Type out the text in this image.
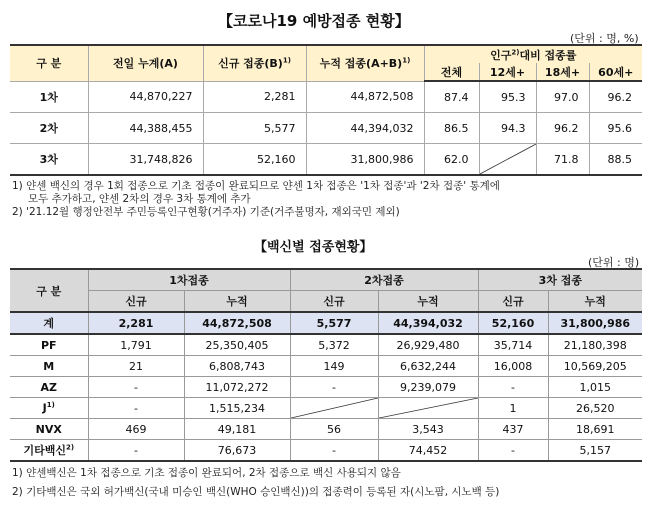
【코로나19 예방접종 현황】
(단위 : 명, %)
구 분	전일 누계(A)	신규 접종$(B)^{1)}$	누적 접종$(A+B)^{1)}$	인구$^{2)}$대비 접종률			
				전체	12세+	18세+	60세+
1차	44,870,227	2,281	44,872,508	87.4	95.3	97.0	96.2
2차	44,388,455	5,577	44,394,032	86.5	94.3	96.2	95.6
3차	31,748,826	52,160	31,800,986	62.0		71.8	88.5
1) 얀센 백신의 경우 1회 접종으로 기초 접종이 완료되므로 얀센 1차 접종은 '1차 접종'과 '2차 접종' 통계에
모두 추가하고, 얀센 2차의 경우 3차 통계에 추가
2) '21.12월 행정안전부 주민등록인구현황(거주자) 기준(거주불명자, 재외국민 제외)
【백신별 접종현황】
(단위 : 명)
구 분	1차접종		2차접종		3차 접종	
	신규	누적	신규	누적	신규	누적
계	2,281	44,872,508	5,577	44,394,032	52,160	31,800,986
PF	1,791	25,350,405	5,372	26,929,480	35,714	21,180,398
M	21	6,808,743	149	6,632,244	16,008	10,569,205
AZ	-	11,072,272	-	9,239,079	-	1,015
$J^{1)}$	-	1,515,234			1	26,520
NVX	469	49,181	56	3,543	437	18,691
기타백신$^{2)}$	-	76,673	-	74,452	-	5,157
1) 얀센백신은 1차 접종으로 기초 접종이 완료되어, 2차 접종으로 백신 사용되지 않음
2) 기타백신은 국외 허가백신(국내 미승인 백신(WHO 승인백신))의 접종력이 등록된 자(시노팜, 시노백 등)
